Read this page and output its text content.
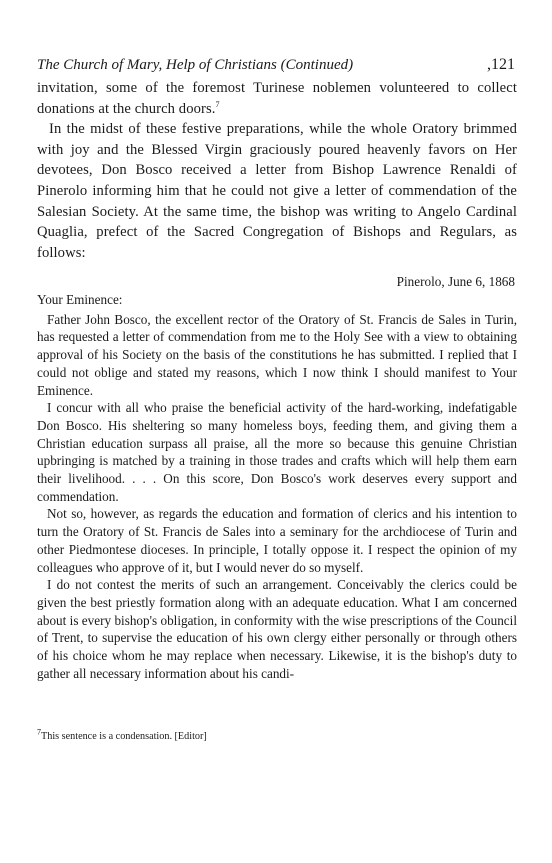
The Church of Mary, Help of Christians (Continued)	,121

invitation, some of the foremost Turinese noblemen volunteered to collect donations at the church doors.$^7$

In the midst of these festive preparations, while the whole Oratory brimmed with joy and the Blessed Virgin graciously poured heavenly favors on Her devotees, Don Bosco received a letter from Bishop Lawrence Renaldi of Pinerolo informing him that he could not give a letter of commendation of the Salesian Society. At the same time, the bishop was writing to Angelo Cardinal Quaglia, prefect of the Sacred Congregation of Bishops and Regulars, as follows:

Pinerolo, June 6, 1868
Your Eminence:

Father John Bosco, the excellent rector of the Oratory of St. Francis de Sales in Turin, has requested a letter of commendation from me to the Holy See with a view to obtaining approval of his Society on the basis of the constitutions he has submitted. I replied that I could not oblige and stated my reasons, which I now think I should manifest to Your Eminence.

I concur with all who praise the beneficial activity of the hard-working, indefatigable Don Bosco. His sheltering so many homeless boys, feeding them, and giving them a Christian education surpass all praise, all the more so because this genuine Christian upbringing is matched by a training in those trades and crafts which will help them earn their livelihood. . . . On this score, Don Bosco's work deserves every support and commendation.

Not so, however, as regards the education and formation of clerics and his intention to turn the Oratory of St. Francis de Sales into a seminary for the archdiocese of Turin and other Piedmontese dioceses. In principle, I totally oppose it. I respect the opinion of my colleagues who approve of it, but I would never do so myself.

I do not contest the merits of such an arrangement. Conceivably the clerics could be given the best priestly formation along with an adequate education. What I am concerned about is every bishop's obligation, in conformity with the wise prescriptions of the Council of Trent, to supervise the education of his own clergy either personally or through others of his choice whom he may replace when necessary. Likewise, it is the bishop's duty to gather all necessary information about his candi-

$^7$This sentence is a condensation. [Editor]
